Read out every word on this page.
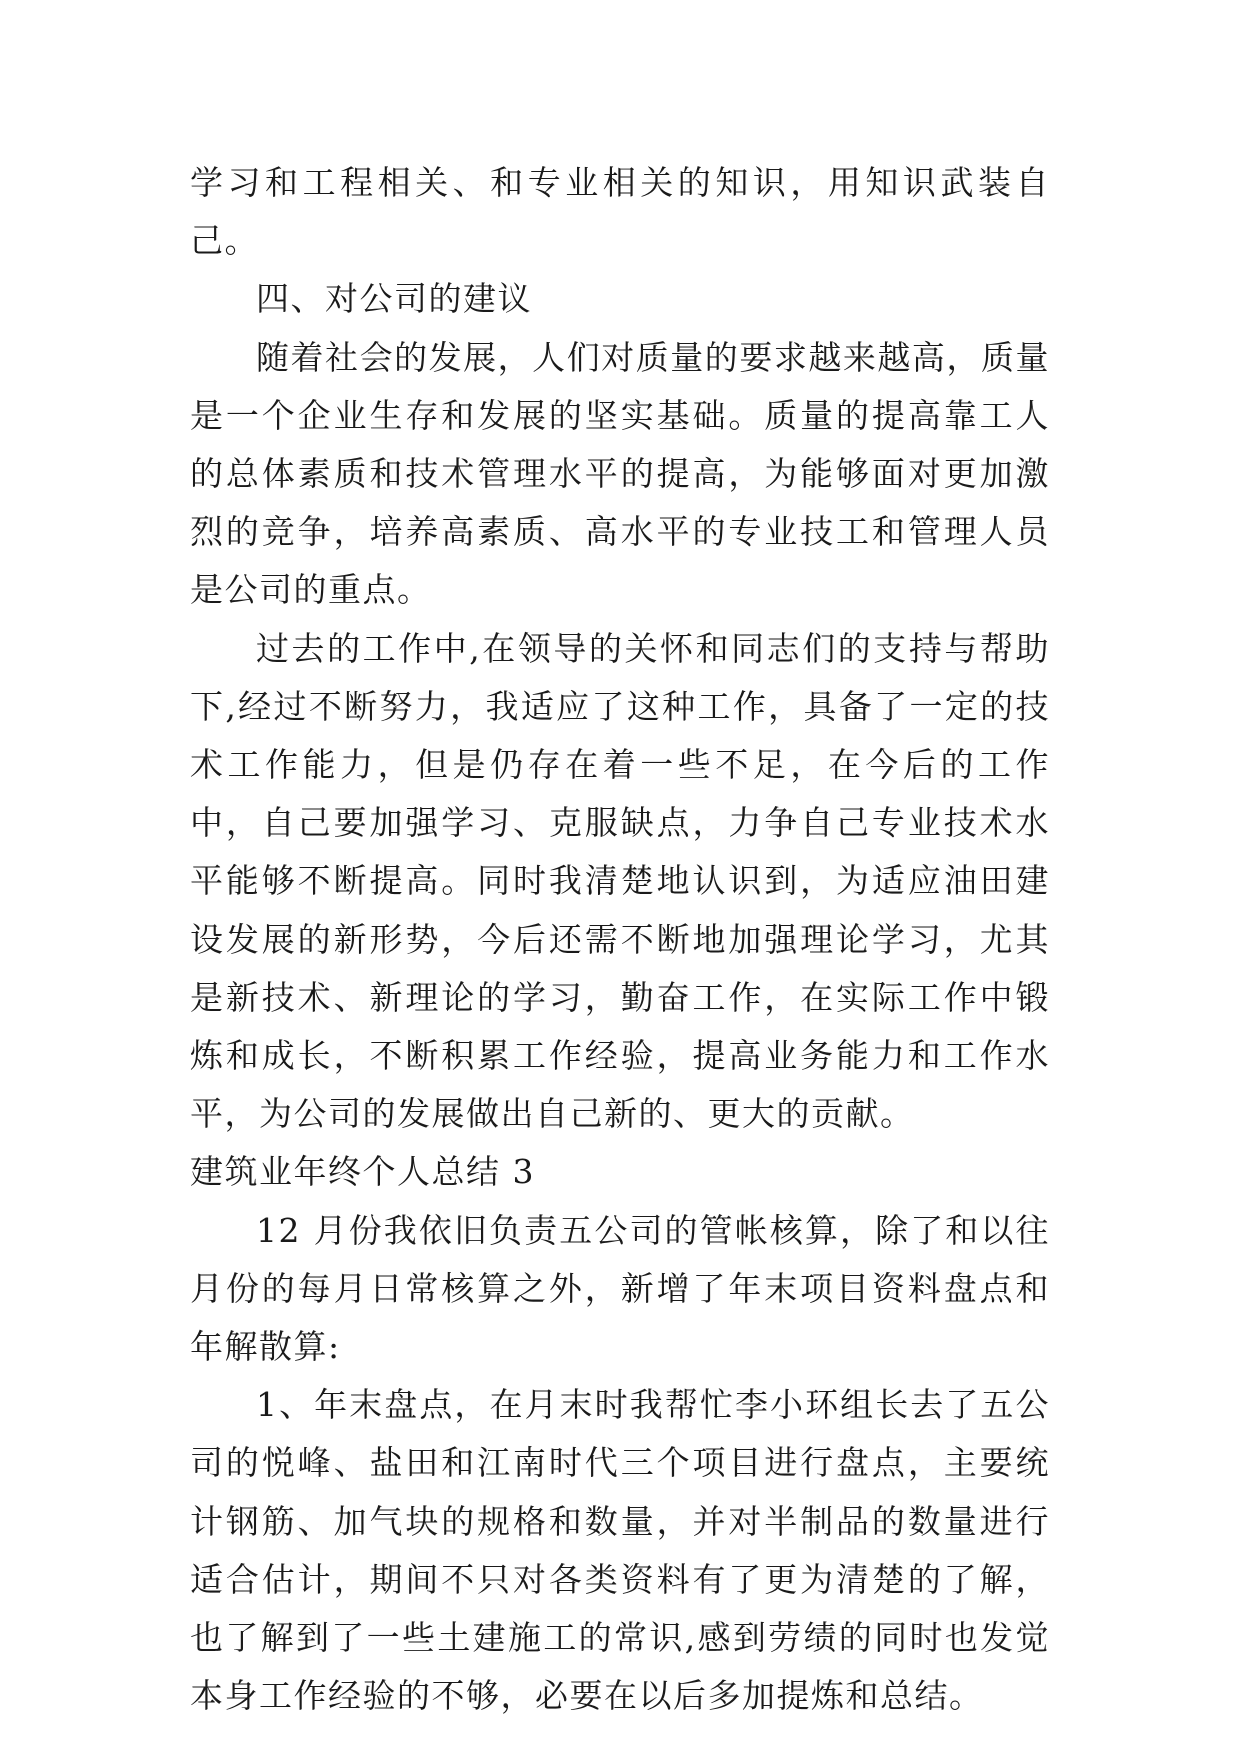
学习和工程相关、和专业相关的知识，用知识武装自己。

四、对公司的建议

随着社会的发展，人们对质量的要求越来越高，质量是一个企业生存和发展的坚实基础。质量的提高靠工人的总体素质和技术管理水平的提高，为能够面对更加激烈的竞争，培养高素质、高水平的专业技工和管理人员是公司的重点。

过去的工作中,在领导的关怀和同志们的支持与帮助下,经过不断努力，我适应了这种工作，具备了一定的技术工作能力，但是仍存在着一些不足，在今后的工作中，自己要加强学习、克服缺点，力争自己专业技术水平能够不断提高。同时我清楚地认识到，为适应油田建设发展的新形势，今后还需不断地加强理论学习，尤其是新技术、新理论的学习，勤奋工作，在实际工作中锻炼和成长，不断积累工作经验，提高业务能力和工作水平，为公司的发展做出自己新的、更大的贡献。

建筑业年终个人总结 3

12 月份我依旧负责五公司的管帐核算，除了和以往月份的每月日常核算之外，新增了年末项目资料盘点和年解散算:

1、年末盘点，在月末时我帮忙李小环组长去了五公司的悦峰、盐田和江南时代三个项目进行盘点，主要统计钢筋、加气块的规格和数量，并对半制品的数量进行适合估计，期间不只对各类资料有了更为清楚的了解，也了解到了一些土建施工的常识,感到劳绩的同时也发觉本身工作经验的不够，必要在以后多加提炼和总结。
